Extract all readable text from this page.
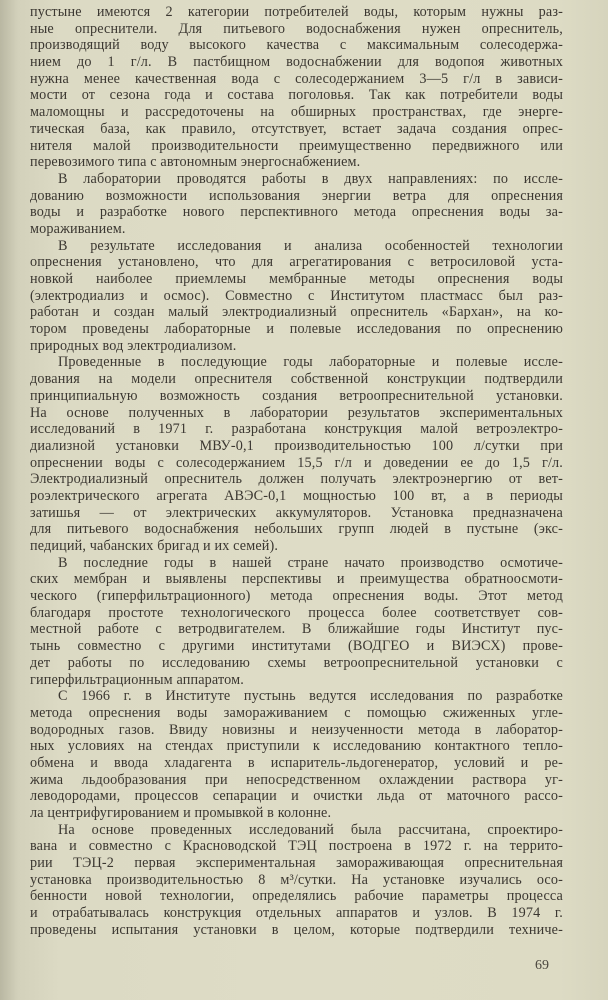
пустыне имеются 2 категории потребителей воды, которым нужны раз-
ные опреснители. Для питьевого водоснабжения нужен опреснитель,
производящий воду высокого качества с максимальным солесодержа-
нием до 1 г/л. В пастбищном водоснабжении для водопоя животных
нужна менее качественная вода с солесодержанием 3—5 г/л в зависи-
мости от сезона года и состава поголовья. Так как потребители воды
маломощны и рассредоточены на обширных пространствах, где энерге-
тическая база, как правило, отсутствует, встает задача создания опрес-
нителя малой производительности преимущественно передвижного или
перевозимого типа с автономным энергоснабжением.
В лаборатории проводятся работы в двух направлениях: по иссле-
дованию возможности использования энергии ветра для опреснения
воды и разработке нового перспективного метода опреснения воды за-
мораживанием.
В результате исследования и анализа особенностей технологии
опреснения установлено, что для агрегатирования с ветросиловой уста-
новкой наиболее приемлемы мембранные методы опреснения воды
(электродиализ и осмос). Совместно с Институтом пластмасс был раз-
работан и создан малый электродиализный опреснитель «Бархан», на ко-
тором проведены лабораторные и полевые исследования по опреснению
природных вод электродиализом.
Проведенные в последующие годы лабораторные и полевые иссле-
дования на модели опреснителя собственной конструкции подтвердили
принципиальную возможность создания ветроопреснительной установки.
На основе полученных в лаборатории результатов экспериментальных
исследований в 1971 г. разработана конструкция малой ветроэлектро-
диализной установки МВУ-0,1 производительностью 100 л/сутки при
опреснении воды с солесодержанием 15,5 г/л и доведении ее до 1,5 г/л.
Электродиализный опреснитель должен получать электроэнергию от вет-
роэлектрического агрегата АВЭС-0,1 мощностью 100 вт, а в периоды
затишья — от электрических аккумуляторов. Установка предназначена
для питьевого водоснабжения небольших групп людей в пустыне (экс-
педиций, чабанских бригад и их семей).
В последние годы в нашей стране начато производство осмотиче-
ских мембран и выявлены перспективы и преимущества обратноосмоти-
ческого (гиперфильтрационного) метода опреснения воды. Этот метод
благодаря простоте технологического процесса более соответствует сов-
местной работе с ветродвигателем. В ближайшие годы Институт пус-
тынь совместно с другими институтами (ВОДГЕО и ВИЭСХ) прове-
дет работы по исследованию схемы ветроопреснительной установки с
гиперфильтрационным аппаратом.
С 1966 г. в Институте пустынь ведутся исследования по разработке
метода опреснения воды замораживанием с помощью сжиженных угле-
водородных газов. Ввиду новизны и неизученности метода в лаборатор-
ных условиях на стендах приступили к исследованию контактного тепло-
обмена и ввода хладагента в испаритель-льдогенератор, условий и ре-
жима льдообразования при непосредственном охлаждении раствора уг-
леводородами, процессов сепарации и очистки льда от маточного рассо-
ла центрифугированием и промывкой в колонне.
На основе проведенных исследований была рассчитана, спроектиро-
вана и совместно с Красноводской ТЭЦ построена в 1972 г. на террито-
рии ТЭЦ-2 первая экспериментальная замораживающая опреснительная
установка производительностью 8 м³/сутки. На установке изучались осо-
бенности новой технологии, определялись рабочие параметры процесса
и отрабатывалась конструкция отдельных аппаратов и узлов. В 1974 г.
проведены испытания установки в целом, которые подтвердили техниче-
69
